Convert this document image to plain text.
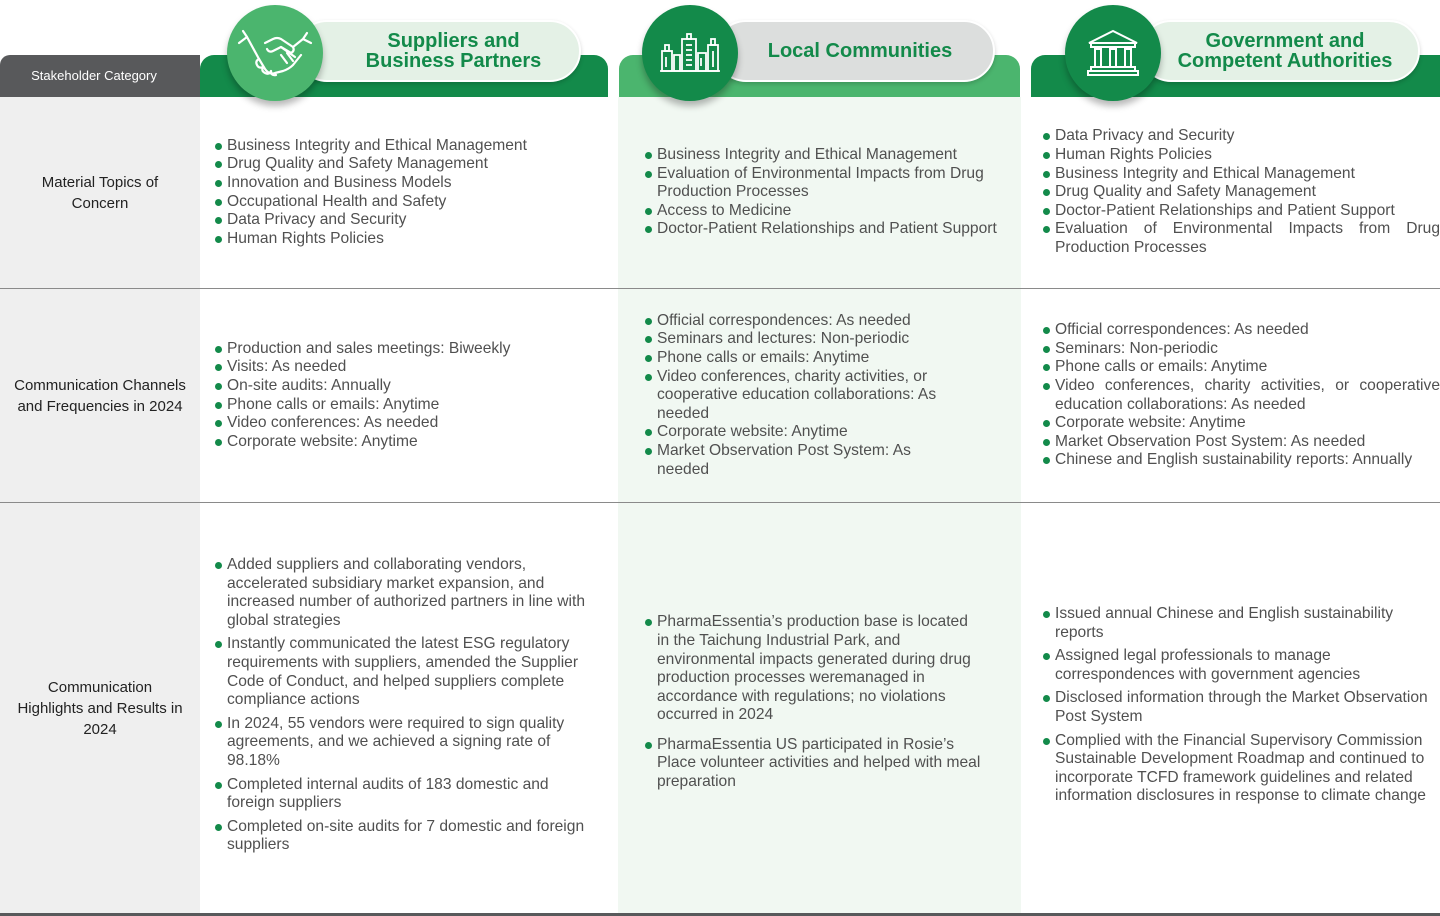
Stakeholder Category
Suppliers and Business Partners	Local Communities	Government and Competent Authorities
Material Topics of Concern
Business Integrity and Ethical Management
Drug Quality and Safety Management
Innovation and Business Models
Occupational Health and Safety
Data Privacy and Security
Human Rights Policies
Business Integrity and Ethical Management
Evaluation of Environmental Impacts from Drug Production Processes
Access to Medicine
Doctor-Patient Relationships and Patient Support
Data Privacy and Security
Human Rights Policies
Business Integrity and Ethical Management
Drug Quality and Safety Management
Doctor-Patient Relationships and Patient Support
Evaluation of Environmental Impacts from Drug Production Processes
Communication Channels and Frequencies in 2024
Production and sales meetings: Biweekly
Visits: As needed
On-site audits: Annually
Phone calls or emails: Anytime
Video conferences: As needed
Corporate website: Anytime
Official correspondences: As needed
Seminars and lectures: Non-periodic
Phone calls or emails: Anytime
Video conferences, charity activities, or cooperative education collaborations: As needed
Corporate website: Anytime
Market Observation Post System: As needed
Official correspondences: As needed
Seminars: Non-periodic
Phone calls or emails: Anytime
Video conferences, charity activities, or cooperative education collaborations: As needed
Corporate website: Anytime
Market Observation Post System: As needed
Chinese and English sustainability reports: Annually
Communication Highlights and Results in 2024
Added suppliers and collaborating vendors, accelerated subsidiary market expansion, and increased number of authorized partners in line with global strategies
Instantly communicated the latest ESG regulatory requirements with suppliers, amended the Supplier Code of Conduct, and helped suppliers complete compliance actions
In 2024, 55 vendors were required to sign quality agreements, and we achieved a signing rate of 98.18%
Completed internal audits of 183 domestic and foreign suppliers
Completed on-site audits for 7 domestic and foreign suppliers
PharmaEssentia’s production base is located in the Taichung Industrial Park, and environmental impacts generated during drug production processes weremanaged in accordance with regulations; no violations occurred in 2024
PharmaEssentia US participated in Rosie’s Place volunteer activities and helped with meal preparation
Issued annual Chinese and English sustainability reports
Assigned legal professionals to manage correspondences with government agencies
Disclosed information through the Market Observation Post System
Complied with the Financial Supervisory Commission Sustainable Development Roadmap and continued to incorporate TCFD framework guidelines and related information disclosures in response to climate change
